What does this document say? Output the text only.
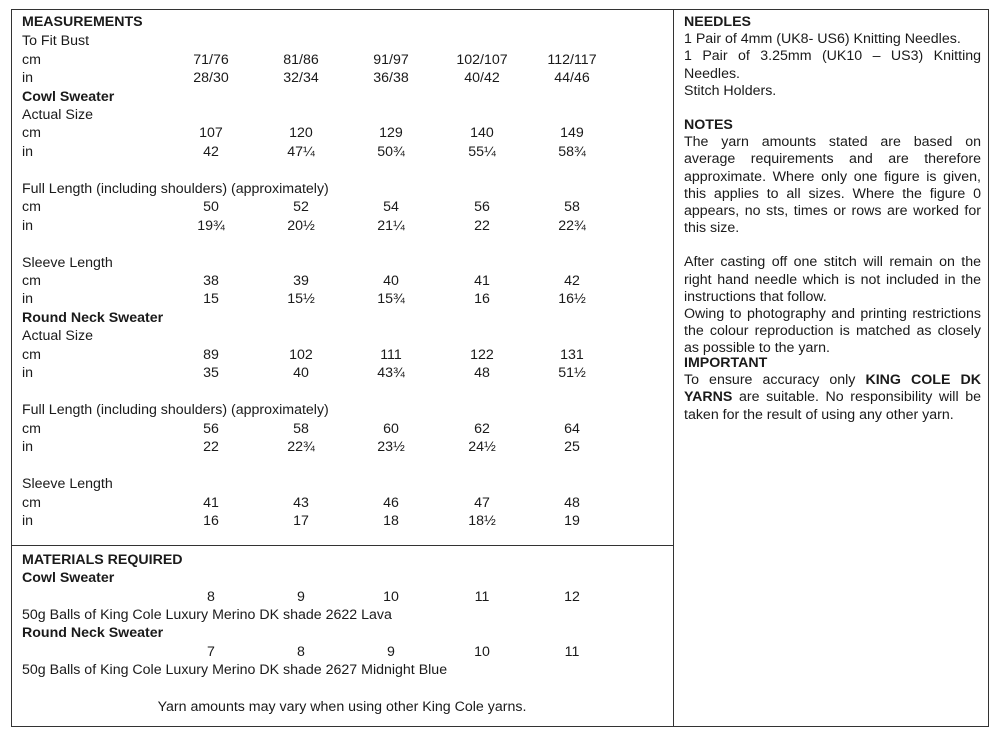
MEASUREMENTS
To Fit Bust
cm	71/76	81/86	91/97	102/107	112/117
in	28/30	32/34	36/38	40/42	44/46
Cowl Sweater
Actual Size
cm	107	120	129	140	149
in	42	47¼	50¾	55¼	58¾
Full Length (including shoulders) (approximately)
cm	50	52	54	56	58
in	19¾	20½	21¼	22	22¾
Sleeve Length
cm	38	39	40	41	42
in	15	15½	15¾	16	16½
Round Neck Sweater
Actual Size
cm	89	102	111	122	131
in	35	40	43¾	48	51½
Full Length (including shoulders) (approximately)
cm	56	58	60	62	64
in	22	22¾	23½	24½	25
Sleeve Length
cm	41	43	46	47	48
in	16	17	18	18½	19
MATERIALS REQUIRED
Cowl Sweater
8	9	10	11	12
50g Balls of King Cole Luxury Merino DK shade 2622 Lava
Round Neck Sweater
7	8	9	10	11
50g Balls of King Cole Luxury Merino DK shade 2627 Midnight Blue
Yarn amounts may vary when using other King Cole yarns.

NEEDLES

1 Pair of 4mm (UK8- US6) Knitting Needles.

1 Pair of 3.25mm (UK10 – US3) Knitting Needles.

Stitch Holders.

NOTES

The yarn amounts stated are based on average requirements and are therefore approximate. Where only one figure is given, this applies to all sizes. Where the figure 0 appears, no sts, times or rows are worked for this size.

After casting off one stitch will remain on the right hand needle which is not included in the instructions that follow.

Owing to photography and printing restrictions the colour reproduction is matched as closely as possible to the yarn.

IMPORTANT

To ensure accuracy only KING COLE DK YARNS are suitable. No responsibility will be taken for the result of using any other yarn.
